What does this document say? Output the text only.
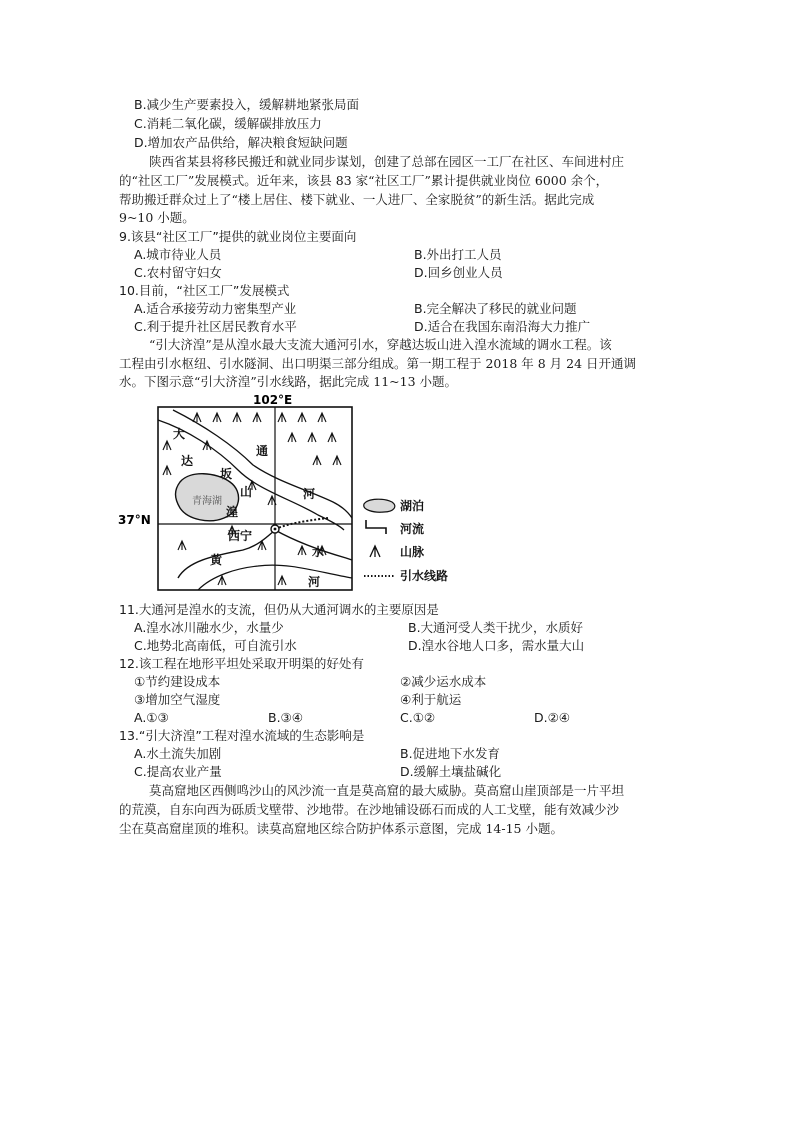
B.减少生产要素投入，缓解耕地紧张局面
C.消耗二氧化碳，缓解碳排放压力
D.增加农产品供给，解决粮食短缺问题
陕西省某县将移民搬迁和就业同步谋划，创建了总部在园区一工厂在社区、车间进村庄
的“社区工厂”发展模式。近年来，该县 83 家“社区工厂”累计提供就业岗位 6000 余个，
帮助搬迁群众过上了“楼上居住、楼下就业、一人进厂、全家脱贫”的新生活。据此完成
9~10 小题。
9.该县“社区工厂”提供的就业岗位主要面向
A.城市待业人员	B.外出打工人员
C.农村留守妇女	D.回乡创业人员
10.目前，“社区工厂”发展模式
A.适合承接劳动力密集型产业	B.完全解决了移民的就业问题
C.利于提升社区居民教育水平	D.适合在我国东南沿海大力推广
“引大济湟”是从湟水最大支流大通河引水，穿越达坂山进入湟水流域的调水工程。该
工程由引水枢纽、引水隧洞、出口明渠三部分组成。第一期工程于 2018 年 8 月 24 日开通调
水。下图示意“引大济湟”引水线路，据此完成 11~13 小题。
102°E
37°N
青海湖
大
达
坂
通
山	河
湟
西宁
黄
水
河
湖泊
河流
山脉
引水线路
11.大通河是湟水的支流，但仍从大通河调水的主要原因是
A.湟水冰川融水少，水量少	B.大通河受人类干扰少，水质好
C.地势北高南低，可自流引水	D.湟水谷地人口多，需水量大山
12.该工程在地形平坦处采取开明渠的好处有
①节约建设成本	②减少运水成本
③增加空气湿度	④利于航运
A.①③	B.③④	C.①②	D.②④
13.“引大济湟”工程对湟水流域的生态影响是
A.水土流失加剧	B.促进地下水发育
C.提高农业产量	D.缓解土壤盐碱化
莫高窟地区西侧鸣沙山的风沙流一直是莫高窟的最大威胁。莫高窟山崖顶部是一片平坦
的荒漠，自东向西为砾质戈壁带、沙地带。在沙地铺设砾石而成的人工戈壁，能有效减少沙
尘在莫高窟崖顶的堆积。读莫高窟地区综合防护体系示意图，完成 14-15 小题。
